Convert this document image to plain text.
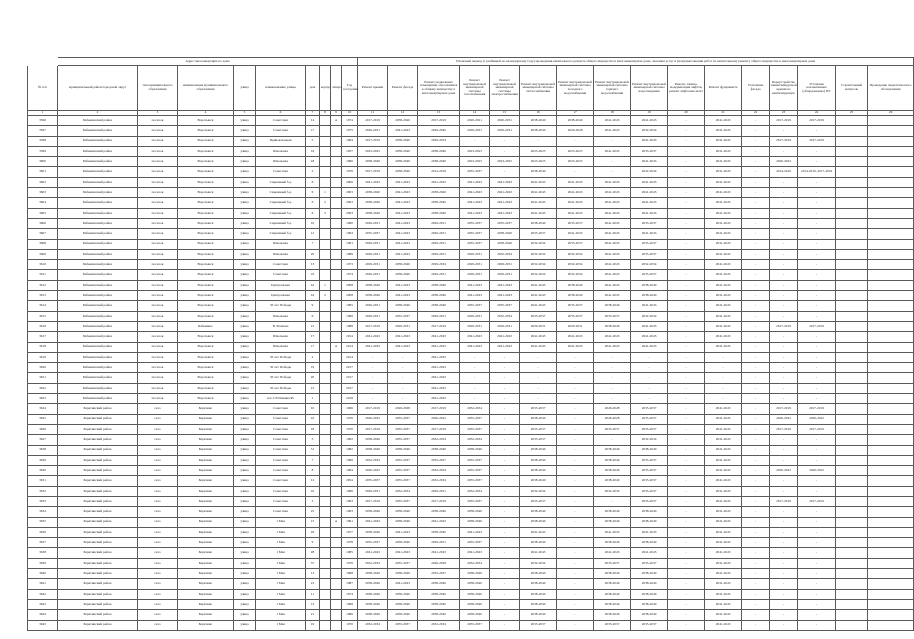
	Адрес многоквартирного дома									Плановый период (с разбивкой по календарному году) проведения капитального ремонта общего имущества в многоквартирном доме, оказания услуг и (или) выполнения работ по капитальному ремонту общего имущества в многоквартирном доме															
№ п/п	муниципальный район/городской округ	тип муниципального образования	наименование муниципального образования	улица	наименование улицы	дом	корпус	литера	Год постройки	Ремонт крыши	Ремонт фасада	Ремонт подвальных помещений, относящихся к общему имуществу в многоквартирном доме	Ремонт внутридомовой инженерной системы газоснабжения	Ремонт внутридомовой инженерной системы электроснабжения	Ремонт внутридомовой инженерной системы теплоснабжения	Ремонт внутридомовой инженерной системы холодного водоснабжения	Ремонт внутридомовой инженерной системы горячего водоснабжения	Ремонт внутридомовой инженерной системы водоотведения	Ремонт, замена, модернизация лифтов, ремонт лифтовых шахт	Ремонт фундамента	Утепление фасада	Переустройство невентилируемой крыши на вентилируемую	Установка коллективных (общедомовых) ПУ	Строительный контроль	Проведение энергетического обследования
1	2	3	4	5	6	7	8	9	10	11	12	13	14	15	16	17	18	19	20	21	22	23	24	25	26
3596	Бабынинский район	поселок	Воротынск	улица	Советская	14		А	1974	2017-2019	2038-2040	2017-2019	2020-2021	2020-2031	2038-2040	2038-2040	2041-2043	2041-2043	-	2041-2043	-	2017-2019	2017-2019		
3597	Бабынинский район	поселок	Воротынск	улица	Советская	17			1975	2029-2031	2041-2043	2029-2040	2029-2031	2029-2031	2038-2040	2026-2028	2041-2043	2032-2034	-	2041-2043	-	-	-		
3598	Бабынинский район	поселок	Воротынск	улица	Привокзальная	5			1964	2017-2019	2038-2040	2029-2034	-	-	-	-	-	2041-2043	-	2041-2043	-	2017-2019	2017-2019		
3599	Бабынинский район	поселок	Воротынск	улица	Школьная	16			1957	2023-2025	2038-2040	2038-2040	2023-2025	-	2023-2025	2023-2025	2041-2043	2035-2037	-	2041-2043	-	-	-		
3600	Бабынинский район	поселок	Воротынск	улица	Школьная	18			1960	2038-2040	2038-2040	2038-2040	2023-2025	2023-2025	2023-2025	2023-2025	-	2041-2043	-	2041-2043	-	2020-2022	-		
3601	Бабынинский район	поселок	Воротынск	улица	Советская	2			1976	2017-2019	2038-2040	2014-2016	2035-2037	-	2038-2040	-	-	2032-2034	-	2041-2043	-	2014-2016	2014-2016, 2017-2019		
3602	Бабынинский район	поселок	Воротынск	улица	Сиреневый б-р	6			2006	2041-2043	2041-2043	2041-2043	2041-2043	2041-2043	2041-2043	2041-2043	2041-2043	2041-2043	-	2041-2043	-	-	-		
3603	Бабынинский район	поселок	Воротынск	улица	Сиреневый б-р	6	1		2003	2038-2040	2041-2043	2038-2040	2041-2043	2041-2043	2041-2043	2041-2043	2041-2043	2041-2043	-	2041-2043	-	-	-		
3604	Бабынинский район	поселок	Воротынск	улица	Сиреневый б-р	6	2		2003	2038-2040	2041-2043	2038-2040	2041-2043	2041-2043	2041-2043	2041-2043	2041-2043	2041-2043	-	2041-2043	-	-	-		
3605	Бабынинский район	поселок	Воротынск	улица	Сиреневый б-р	6	3		2003	2038-2040	2041-2043	2038-2040	2041-2043	2041-2043	2041-2043	2041-2043	2041-2043	2041-2043	-	2041-2043	-	-	-		
3606	Бабынинский район	поселок	Воротынск	улица	Сиреневый б-р	10			1990	2029-2031	2041-2043	2029-2031	2035-2037	2035-2037	2038-2040	2035-2037	2041-2043	2035-2037	-	2041-2043	-	-	-		
3607	Бабынинский район	поселок	Воротынск	улица	Сиреневый б-р	12			1993	2035-2037	2041-2043	2029-2031	2035-2037	2038-2040	2035-2037	2041-2043	2041-2043	2041-2043	-	2041-2043	-	-	-		
3608	Бабынинский район	поселок	Воротынск	улица	Школьная	7			1991	2029-2031	2041-2043	2029-2031	2035-2037	2038-2040	2032-2034	2035-2037	2041-2043	2035-2037	-	2041-2043	-	-	-		
3609	Бабынинский район	поселок	Воротынск	улица	Школьная	20			1989	2029-2031	2041-2043	2029-2031	2029-2031	2032-2034	2032-2034	2032-2034	2041-2043	2035-2037	-	2041-2043	-	-	-		
3610	Бабынинский район	поселок	Воротынск	улица	Советская	13			1973	2029-2031	2038-2040	2029-2034	2029-2031	2029-2031	2032-2034	2032-2034	2041-2043	2032-2034	-	2041-2043	-	-	-		
3611	Бабынинский район	поселок	Воротынск	улица	Советская	16			1974	2029-2031	2038-2040	2029-2031	2029-2031	2029-2031	2032-2034	2032-2034	2041-2043	2035-2037	-	2041-2043	-	-	-		
3612	Бабынинский район	поселок	Воротынск	улица	Центральная	42	1		2008	2038-2040	2041-2043	2038-2040	2041-2043	2041-2043	2041-2043	2038-2040	2041-2043	2038-2040	-	2041-2043	-	-	-		
3613	Бабынинский район	поселок	Воротынск	улица	Центральная	42	2		2008	2038-2040	2041-2043	2038-2040	2041-2043	2041-2043	2041-2043	2038-2040	2041-2043	2038-2040	-	2041-2043	-	-	-		
3614	Бабынинский район	поселок	Воротынск	улица	50 лет Победы	9			1995	2029-2031	2038-2040	2038-2040	2035-2037	2035-2037	2041-2043	2035-2037	2038-2040	2041-2043	-	2041-2043	-	-	-		
3615	Бабынинский район	поселок	Воротынск	улица	Школьная	9			1969	2029-2031	2035-2037	2029-2031	2029-2031	2032-2034	2035-2037	2035-2037	2035-2037	2032-2034	-	2041-2043	-	-	-		
3616	Бабынинский район	поселок	Бабынино	улица	В. Волкова	12			1988	2017-2019	2029-2031	2017-2019	2029-2031	2029-2031	2029-2031	2029-2031	2038-2040	2041-2043	-	2041-2043	-	2017-2019	2017-2019		
3617	Бабынинский район	поселок	Воротынск	улица	Школьная	17			2014	2041-2043	2041-2043	2041-2043	2041-2043	2041-2043	2041-2043	2041-2043	2041-2043	2041-2043	-	2041-2043	-	-	-		
3618	Бабынинский район	поселок	Воротынск	улица	Школьная	17		А	2014	2041-2043	2041-2043	2041-2043	2041-2043	2041-2043	2041-2043	2041-2043	2041-2043	2041-2043	-	2041-2043	-	-	-		
3619	Бабынинский район	поселок	Воротынск	улица	50 лет Победы	2			2014	-	-	2041-2043	-	-	-	-	-	-	-	-	-	-	-		
3620	Бабынинский район	поселок	Воротынск	улица	50 лет Победы	19			2017	-	-	2041-2043	-	-	-	-	-	-	-	-	-	-	-		
3621	Бабынинский район	поселок	Воротынск	улица	50 лет Победы	20			2017	-	-	2041-2043	-	-	-	-	-	-	-	-	-	-	-		
3622	Бабынинский район	поселок	Воротынск	улица	50 лет Победы	21			2017	-	-	2041-2043	-	-	-	-	-	-	-	-	-	-	-		
3623	Бабынинский район	поселок	Воротынск	улица	пос.1ЛЗ Киевка/Ро	1			2018	-	-	2041-2043	-	-	-	-	-	-	-	-	-	-	-		
3624	Барятинский район	село	Барятино	улица	Советская	10			1966	2017-2019	2026-2028	2017-2019	2032-2034	-	2035-2037	-	2026-2028	2035-2037	-	2041-2043	-	2017-2019	2017-2019		
3625	Барятинский район	село	Барятино	улица	Советская	42			1976	2020-2022	2035-2037	2020-2022	2035-2037	-	2038-2040	-	2026-2028	2035-2037	-	2041-2043	-	2020-2022	2020-2022		
3626	Барятинский район	село	Барятино	улица	Советская	18			1970	2017-2019	2035-2037	2017-2019	2035-2037	-	2035-2037	-	2035-2037	2035-2037	-	2041-2043	-	2017-2019	2017-2019		
3627	Барятинский район	село	Барятино	улица	Советская	5			1962	2038-2040	2035-2037	2032-2034	2032-2034	-	2035-2037	-	-	2032-2034	-	2041-2043	-	-	-		
3628	Барятинский район	село	Барятино	улица	Советская	31			1982	2038-2040	2038-2040	2038-2040	2038-2040	-	2038-2040	-	2038-2040	2038-2040	-	2041-2043	-	-	-		
3629	Барятинский район	село	Барятино	улица	Советская	7			1969	2032-2034	2035-2037	2035-2037	2035-2037	-	2038-2040	-	2038-2040	2035-2037	-	2041-2043	-	-	-		
3630	Барятинский район	село	Барятино	улица	Советская	8			1964	2020-2022	2035-2037	2032-2034	2035-2037	-	2038-2040	-	2038-2040	2035-2037	-	2041-2043	-	2020-2022	2020-2022		
3631	Барятинский район	село	Барятино	улица	Советская	12			2054	2035-2037	2035-2037	2032-2034	2035-2037	-	2038-2040	-	2038-2040	2035-2037	-	2041-2043	-	-	-		
3632	Барятинский район	село	Барятино	улица	Советская	16			1966	2029-2031	2032-2034	2029-2031	2032-2034	-	2032-2034	-	2032-2034	2035-2037	-	2041-2043	-	-	-		
3633	Барятинский район	село	Барятино	улица	Советская	3			1963	2017-2019	2035-2037	2017-2019	2035-2037	-	2035-2037	-	-	2035-2037	-	2041-2043	-	2017-2019	2017-2019		
3634	Барятинский район	село	Барятино	улица	Советская	25			1993	2038-2040	2038-2040	2038-2040	2038-2040	-	2038-2040	-	2038-2040	2038-2040	-	2041-2043	-	-	-		
3635	Барятинский район	село	Барятино	улица	1 Мая	15		А	1961	2041-2043	2038-2040	2041-2043	2038-2040	-	2038-2040	-	2038-2040	2038-2040	-	2041-2043	-	-	-		
3636	Барятинский район	село	Барятино	улица	1 Мая	29			1977	2038-2040	2041-2043	2038-2040	2041-2043	-	2041-2043	-	2041-2043	2041-2043	-	2041-2043	-	-	-		
3637	Барятинский район	село	Барятино	улица	1 Мая	9			1978	2035-2037	2038-2040	2029-2031	2035-2037	-	2038-2040	-	2038-2040	2038-2040	-	2041-2043	-	-	-		
3638	Барятинский район	село	Барятино	улица	1 Мая	28			1985	2041-2043	2041-2043	2041-2043	2041-2043	-	2041-2043	-	2041-2043	2041-2043	-	2041-2043	-	-	-		
3639	Барятинский район	село	Барятино	улица	1 Мая	37			1976	2032-2034	2035-2037	2026-2028	2032-2034	-	2032-2034	-	2035-2037	2035-2037	-	2041-2043	-	-	-		
3640	Барятинский район	село	Барятино	улица	1 Мая	13			1968	2038-2040	2038-2040	2035-2037	2038-2040	-	2038-2040	-	2038-2040	2038-2040	-	2041-2043	-	-	-		
3641	Барятинский район	село	Барятино	улица	1 Мая	23			1987	2038-2040	2041-2043	2038-2040	2038-2040	-	2038-2040	-	2038-2040	2038-2040	-	2041-2043	-	-	-		
3642	Барятинский район	село	Барятино	улица	1 Мая	11			1974	2038-2040	2038-2040	2038-2040	2038-2040	-	2038-2040	-	2038-2040	2038-2040	-	2041-2043	-	-	-		
3643	Барятинский район	село	Барятино	улица	1 Мая	13			1968	2038-2040	2038-2040	2038-2040	2038-2040	-	2038-2040	-	2038-2040	2038-2040	-	2041-2043	-	-	-		
3644	Барятинский район	село	Барятино	улица	1 Мая	21			1986	2038-2040	2038-2040	2038-2040	2038-2040	-	2038-2040	-	2038-2040	2038-2040	-	2041-2043	-	-	-		
3645	Барятинский район	село	Барятино	улица	1 Мая	19			1970	2032-2034	2035-2037	2032-2034	2035-2037	-	2035-2037	-	2035-2037	2035-2037	-	2041-2043	-	-	-		
